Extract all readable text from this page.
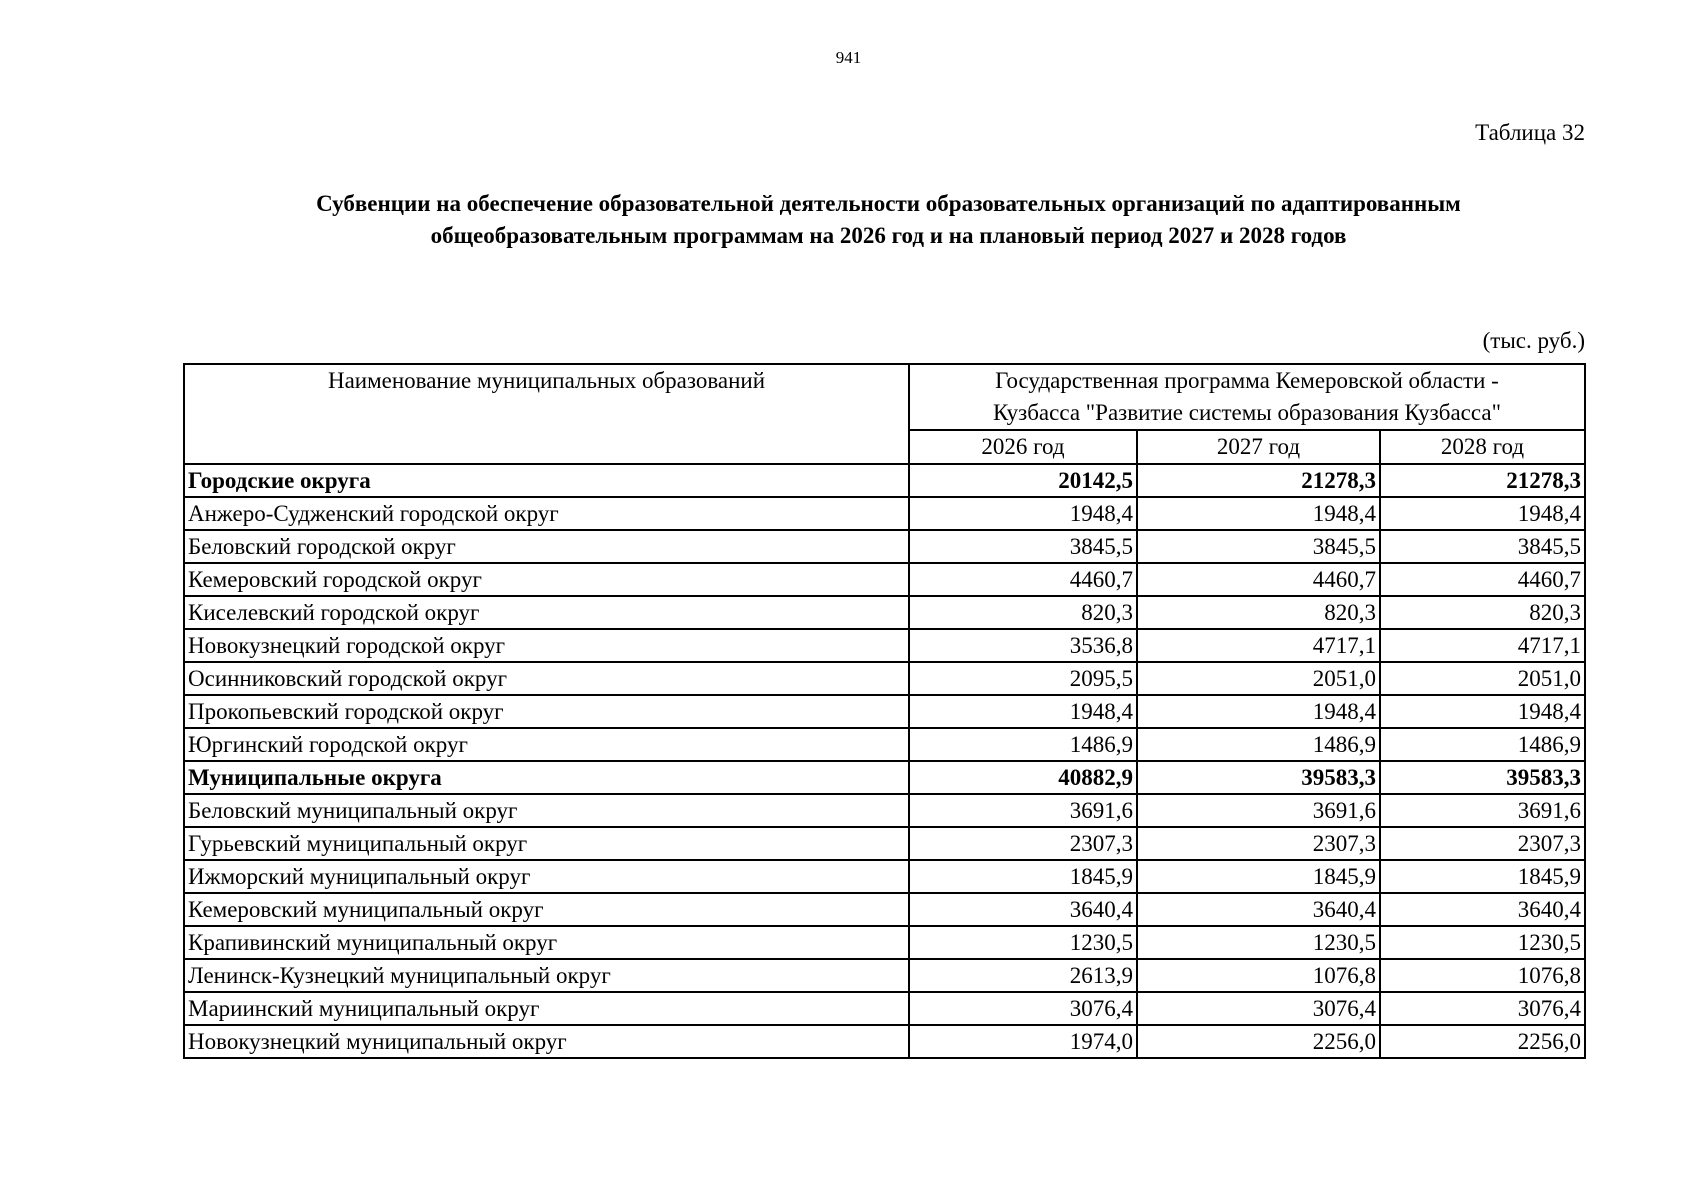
941
Таблица 32
Субвенции на обеспечение образовательной деятельности образовательных организаций по адаптированным
общеобразовательным программам на 2026 год и на плановый период 2027 и 2028 годов
(тыс. руб.)
Наименование муниципальных образований	Государственная программа Кемеровской области -
Кузбасса "Развитие системы образования Кузбасса"		

	2026 год	2027 год	2028 год
Городские округа	20142,5	21278,3	21278,3
Анжеро-Судженский городской округ	1948,4	1948,4	1948,4
Беловский городской округ	3845,5	3845,5	3845,5
Кемеровский городской округ	4460,7	4460,7	4460,7
Киселевский городской округ	820,3	820,3	820,3
Новокузнецкий городской округ	3536,8	4717,1	4717,1
Осинниковский городской округ	2095,5	2051,0	2051,0
Прокопьевский городской округ	1948,4	1948,4	1948,4
Юргинский городской округ	1486,9	1486,9	1486,9
Муниципальные округа	40882,9	39583,3	39583,3
Беловский муниципальный округ	3691,6	3691,6	3691,6
Гурьевский муниципальный округ	2307,3	2307,3	2307,3
Ижморский муниципальный округ	1845,9	1845,9	1845,9
Кемеровский муниципальный округ	3640,4	3640,4	3640,4
Крапивинский муниципальный округ	1230,5	1230,5	1230,5
Ленинск-Кузнецкий муниципальный округ	2613,9	1076,8	1076,8
Мариинский муниципальный округ	3076,4	3076,4	3076,4
Новокузнецкий муниципальный округ	1974,0	2256,0	2256,0
